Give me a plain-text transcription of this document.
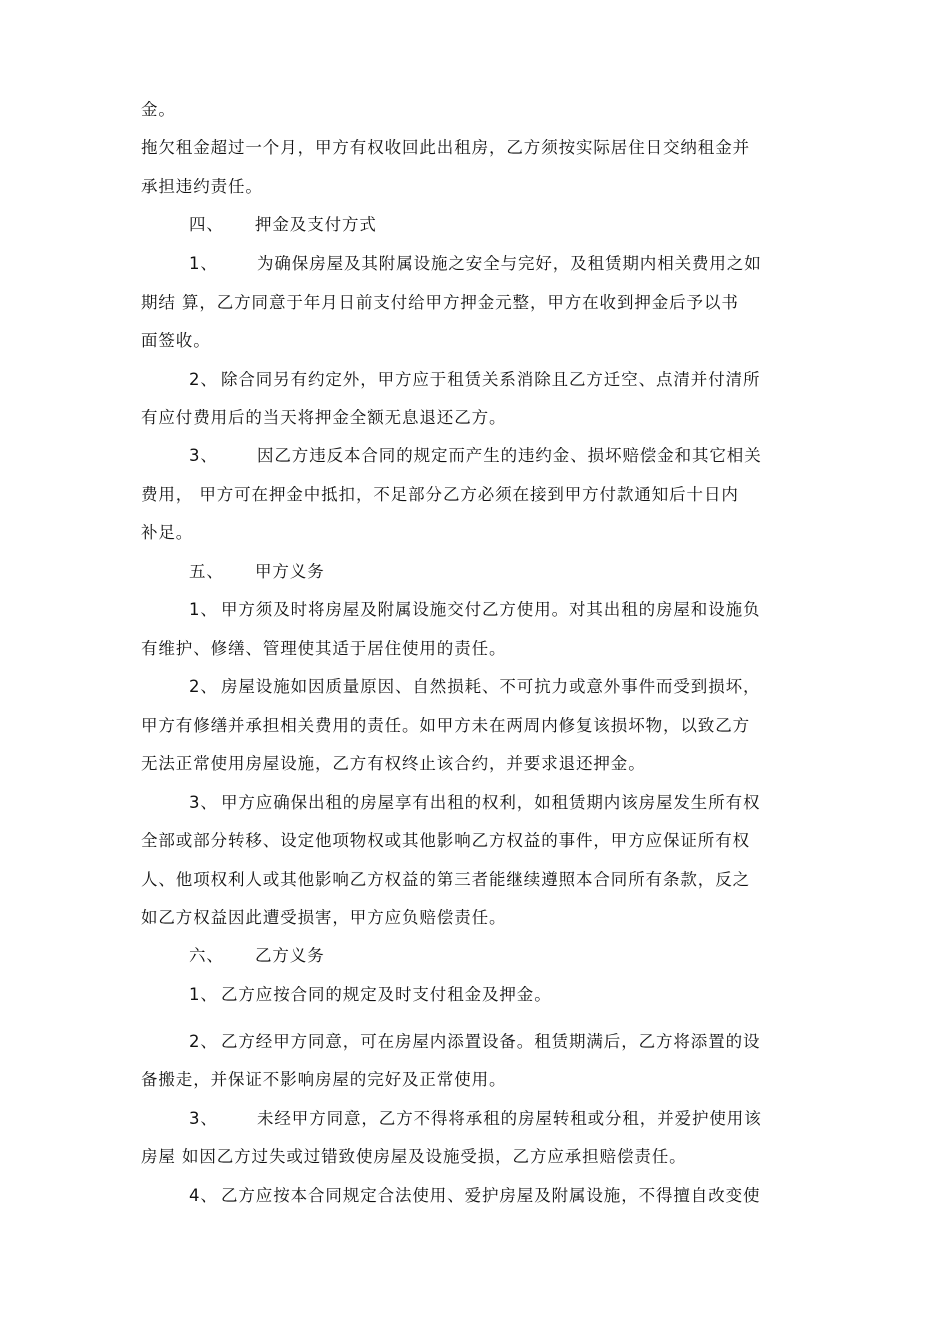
金。
拖欠租金超过一个月，甲方有权收回此出租房，乙方须按实际居住日交纳租金并
承担违约责任。
四、 押金及支付方式
1、 为确保房屋及其附属设施之安全与完好，及租赁期内相关费用之如
期结 算，乙方同意于年月日前支付给甲方押金元整，甲方在收到押金后予以书
面签收。
2、 除合同另有约定外，甲方应于租赁关系消除且乙方迁空、点清并付清所
有应付费用后的当天将押金全额无息退还乙方。
3、 因乙方违反本合同的规定而产生的违约金、损坏赔偿金和其它相关
费用， 甲方可在押金中抵扣，不足部分乙方必须在接到甲方付款通知后十日内
补足。
五、 甲方义务
1、 甲方须及时将房屋及附属设施交付乙方使用。对其出租的房屋和设施负
有维护、修缮、管理使其适于居住使用的责任。
2、 房屋设施如因质量原因、自然损耗、不可抗力或意外事件而受到损坏，
甲方有修缮并承担相关费用的责任。如甲方未在两周内修复该损坏物，以致乙方
无法正常使用房屋设施，乙方有权终止该合约，并要求退还押金。
3、 甲方应确保出租的房屋享有出租的权利，如租赁期内该房屋发生所有权
全部或部分转移、设定他项物权或其他影响乙方权益的事件，甲方应保证所有权
人、他项权利人或其他影响乙方权益的第三者能继续遵照本合同所有条款，反之
如乙方权益因此遭受损害，甲方应负赔偿责任。
六、 乙方义务
1、 乙方应按合同的规定及时支付租金及押金。
2、 乙方经甲方同意，可在房屋内添置设备。租赁期满后，乙方将添置的设
备搬走，并保证不影响房屋的完好及正常使用。
3、 未经甲方同意，乙方不得将承租的房屋转租或分租，并爱护使用该
房屋 如因乙方过失或过错致使房屋及设施受损，乙方应承担赔偿责任。
4、 乙方应按本合同规定合法使用、爱护房屋及附属设施，不得擅自改变使
